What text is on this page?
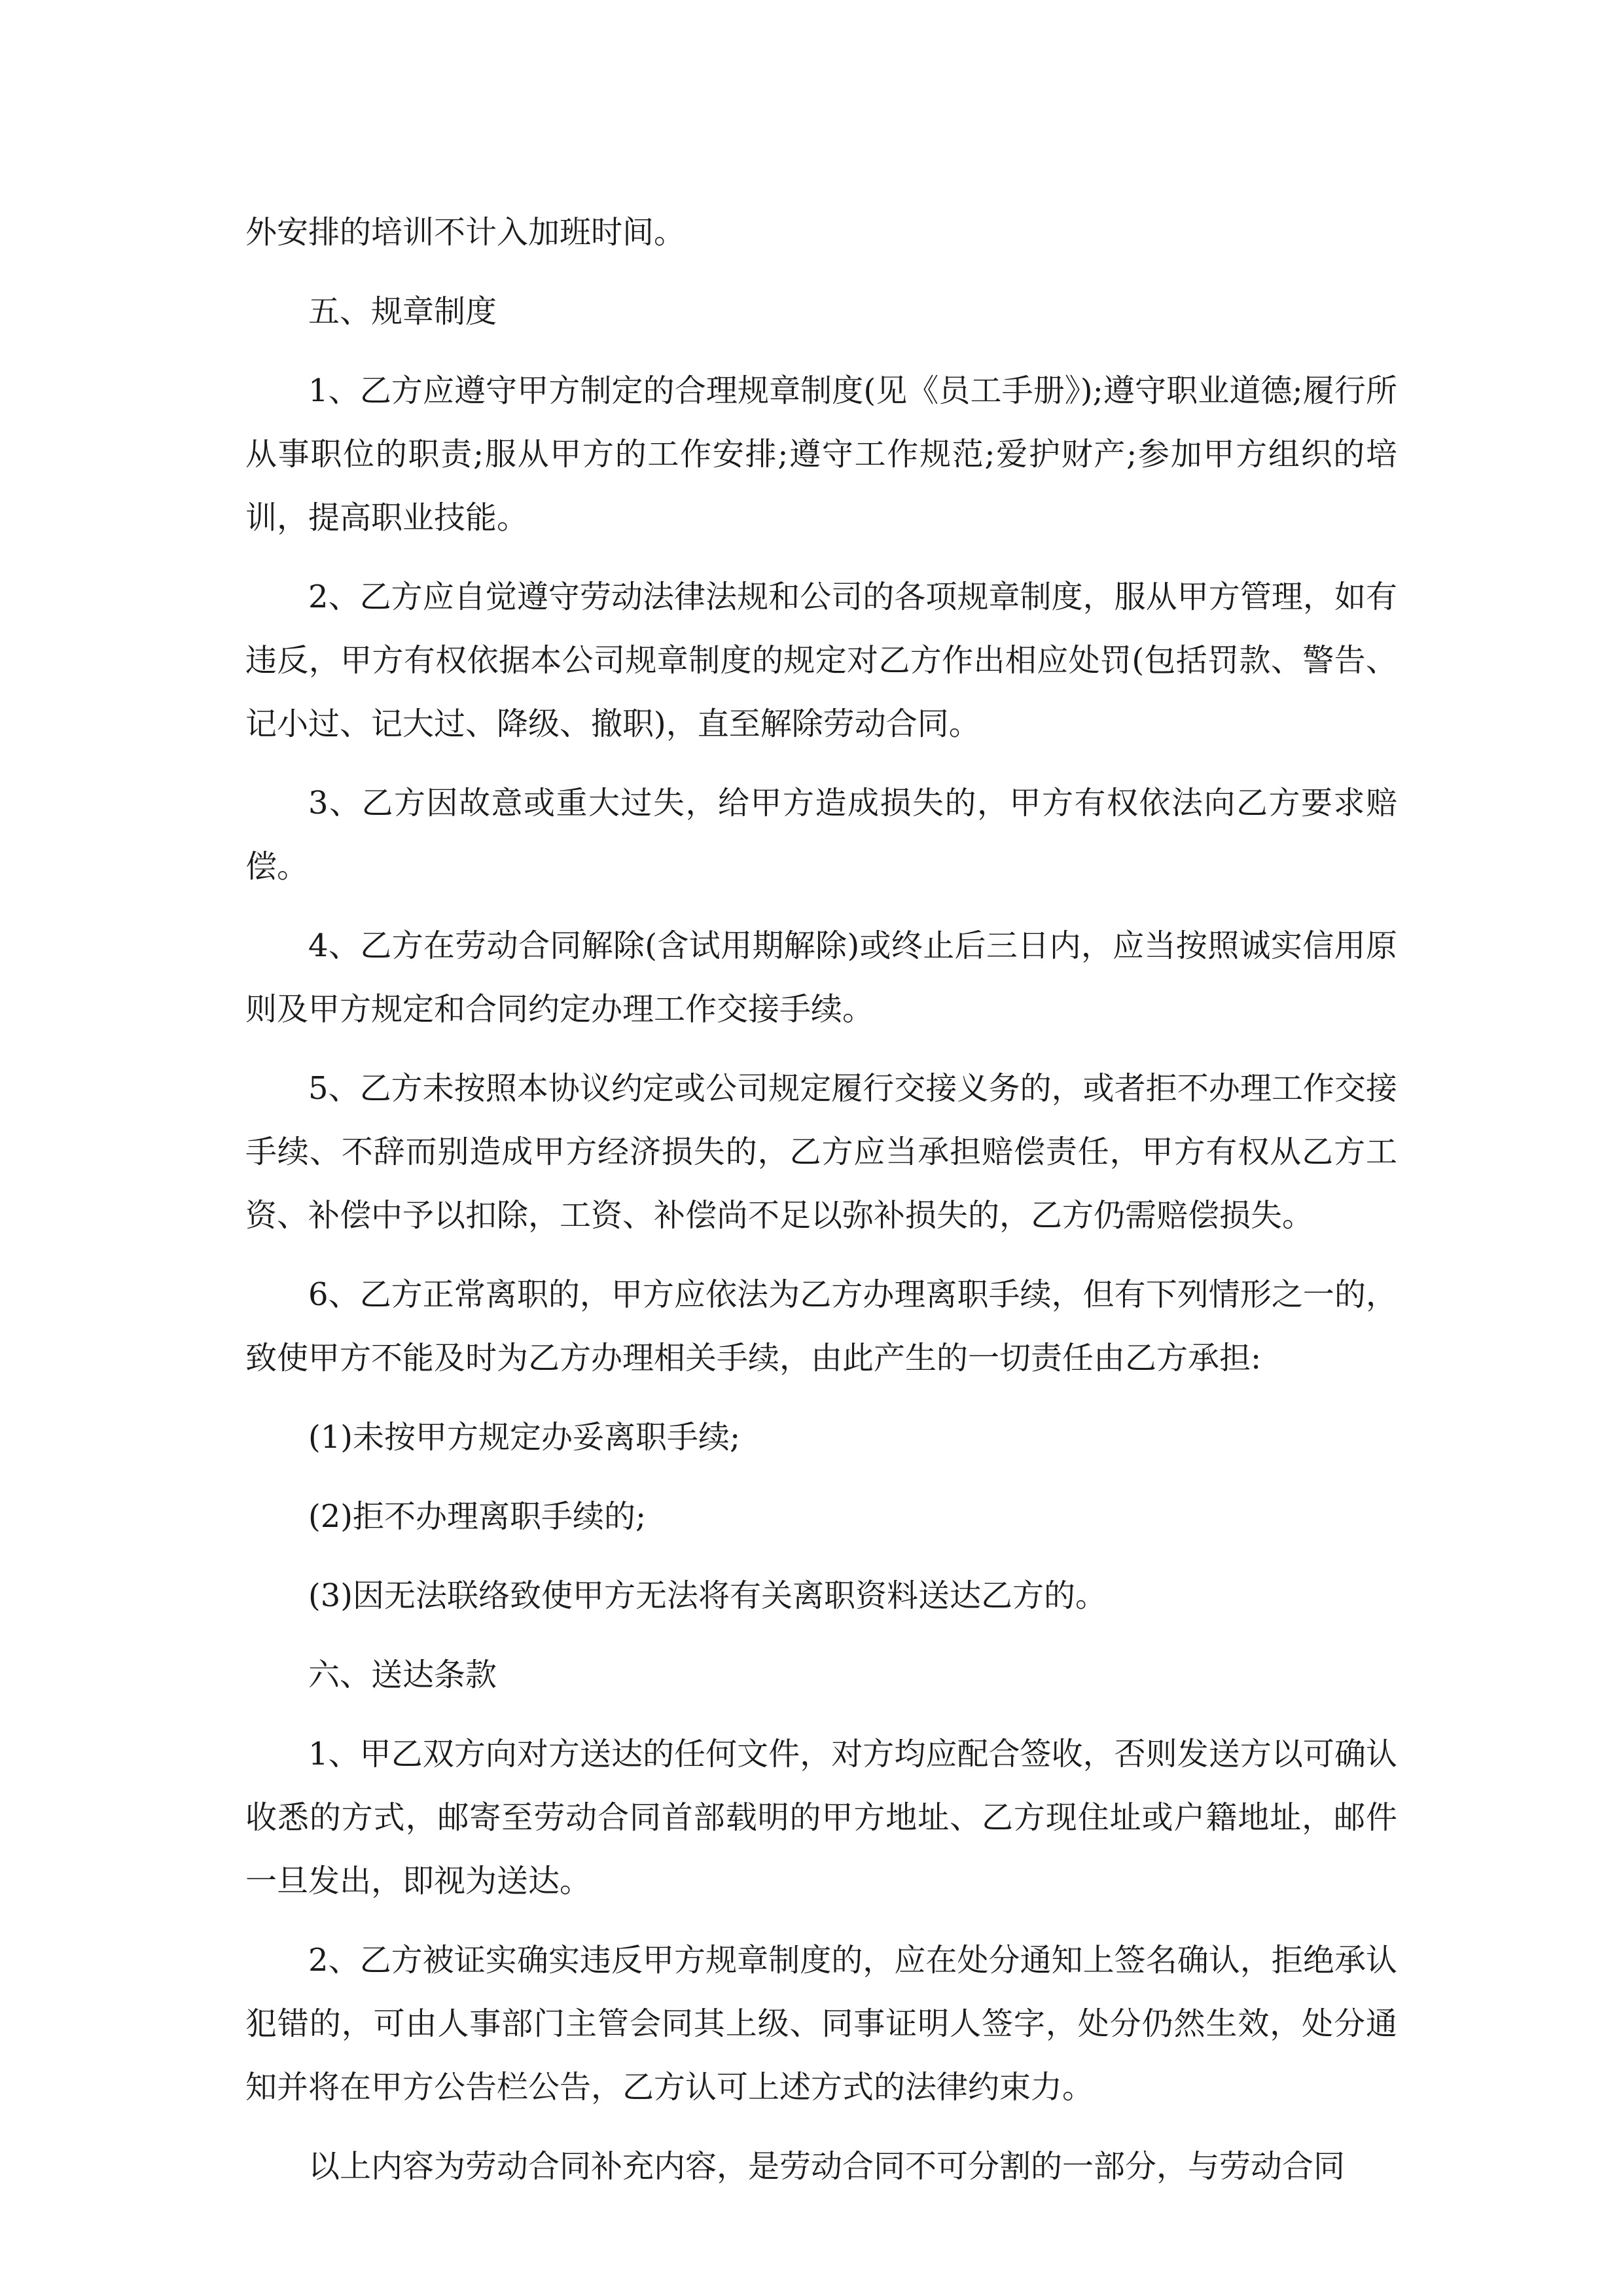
外安排的培训不计入加班时间。

五、规章制度

1、乙方应遵守甲方制定的合理规章制度(见《员工手册》);遵守职业道德;履行所从事职位的职责;服从甲方的工作安排;遵守工作规范;爱护财产;参加甲方组织的培训，提高职业技能。

2、乙方应自觉遵守劳动法律法规和公司的各项规章制度，服从甲方管理，如有违反，甲方有权依据本公司规章制度的规定对乙方作出相应处罚(包括罚款、警告、记小过、记大过、降级、撤职)，直至解除劳动合同。

3、乙方因故意或重大过失，给甲方造成损失的，甲方有权依法向乙方要求赔偿。

4、乙方在劳动合同解除(含试用期解除)或终止后三日内，应当按照诚实信用原则及甲方规定和合同约定办理工作交接手续。

5、乙方未按照本协议约定或公司规定履行交接义务的，或者拒不办理工作交接手续、不辞而别造成甲方经济损失的，乙方应当承担赔偿责任，甲方有权从乙方工资、补偿中予以扣除，工资、补偿尚不足以弥补损失的，乙方仍需赔偿损失。

6、乙方正常离职的，甲方应依法为乙方办理离职手续，但有下列情形之一的，致使甲方不能及时为乙方办理相关手续，由此产生的一切责任由乙方承担:

(1)未按甲方规定办妥离职手续;

(2)拒不办理离职手续的;

(3)因无法联络致使甲方无法将有关离职资料送达乙方的。

六、送达条款

1、甲乙双方向对方送达的任何文件，对方均应配合签收，否则发送方以可确认收悉的方式，邮寄至劳动合同首部载明的甲方地址、乙方现住址或户籍地址，邮件一旦发出，即视为送达。

2、乙方被证实确实违反甲方规章制度的，应在处分通知上签名确认，拒绝承认犯错的，可由人事部门主管会同其上级、同事证明人签字，处分仍然生效，处分通知并将在甲方公告栏公告，乙方认可上述方式的法律约束力。

以上内容为劳动合同补充内容，是劳动合同不可分割的一部分，与劳动合同
